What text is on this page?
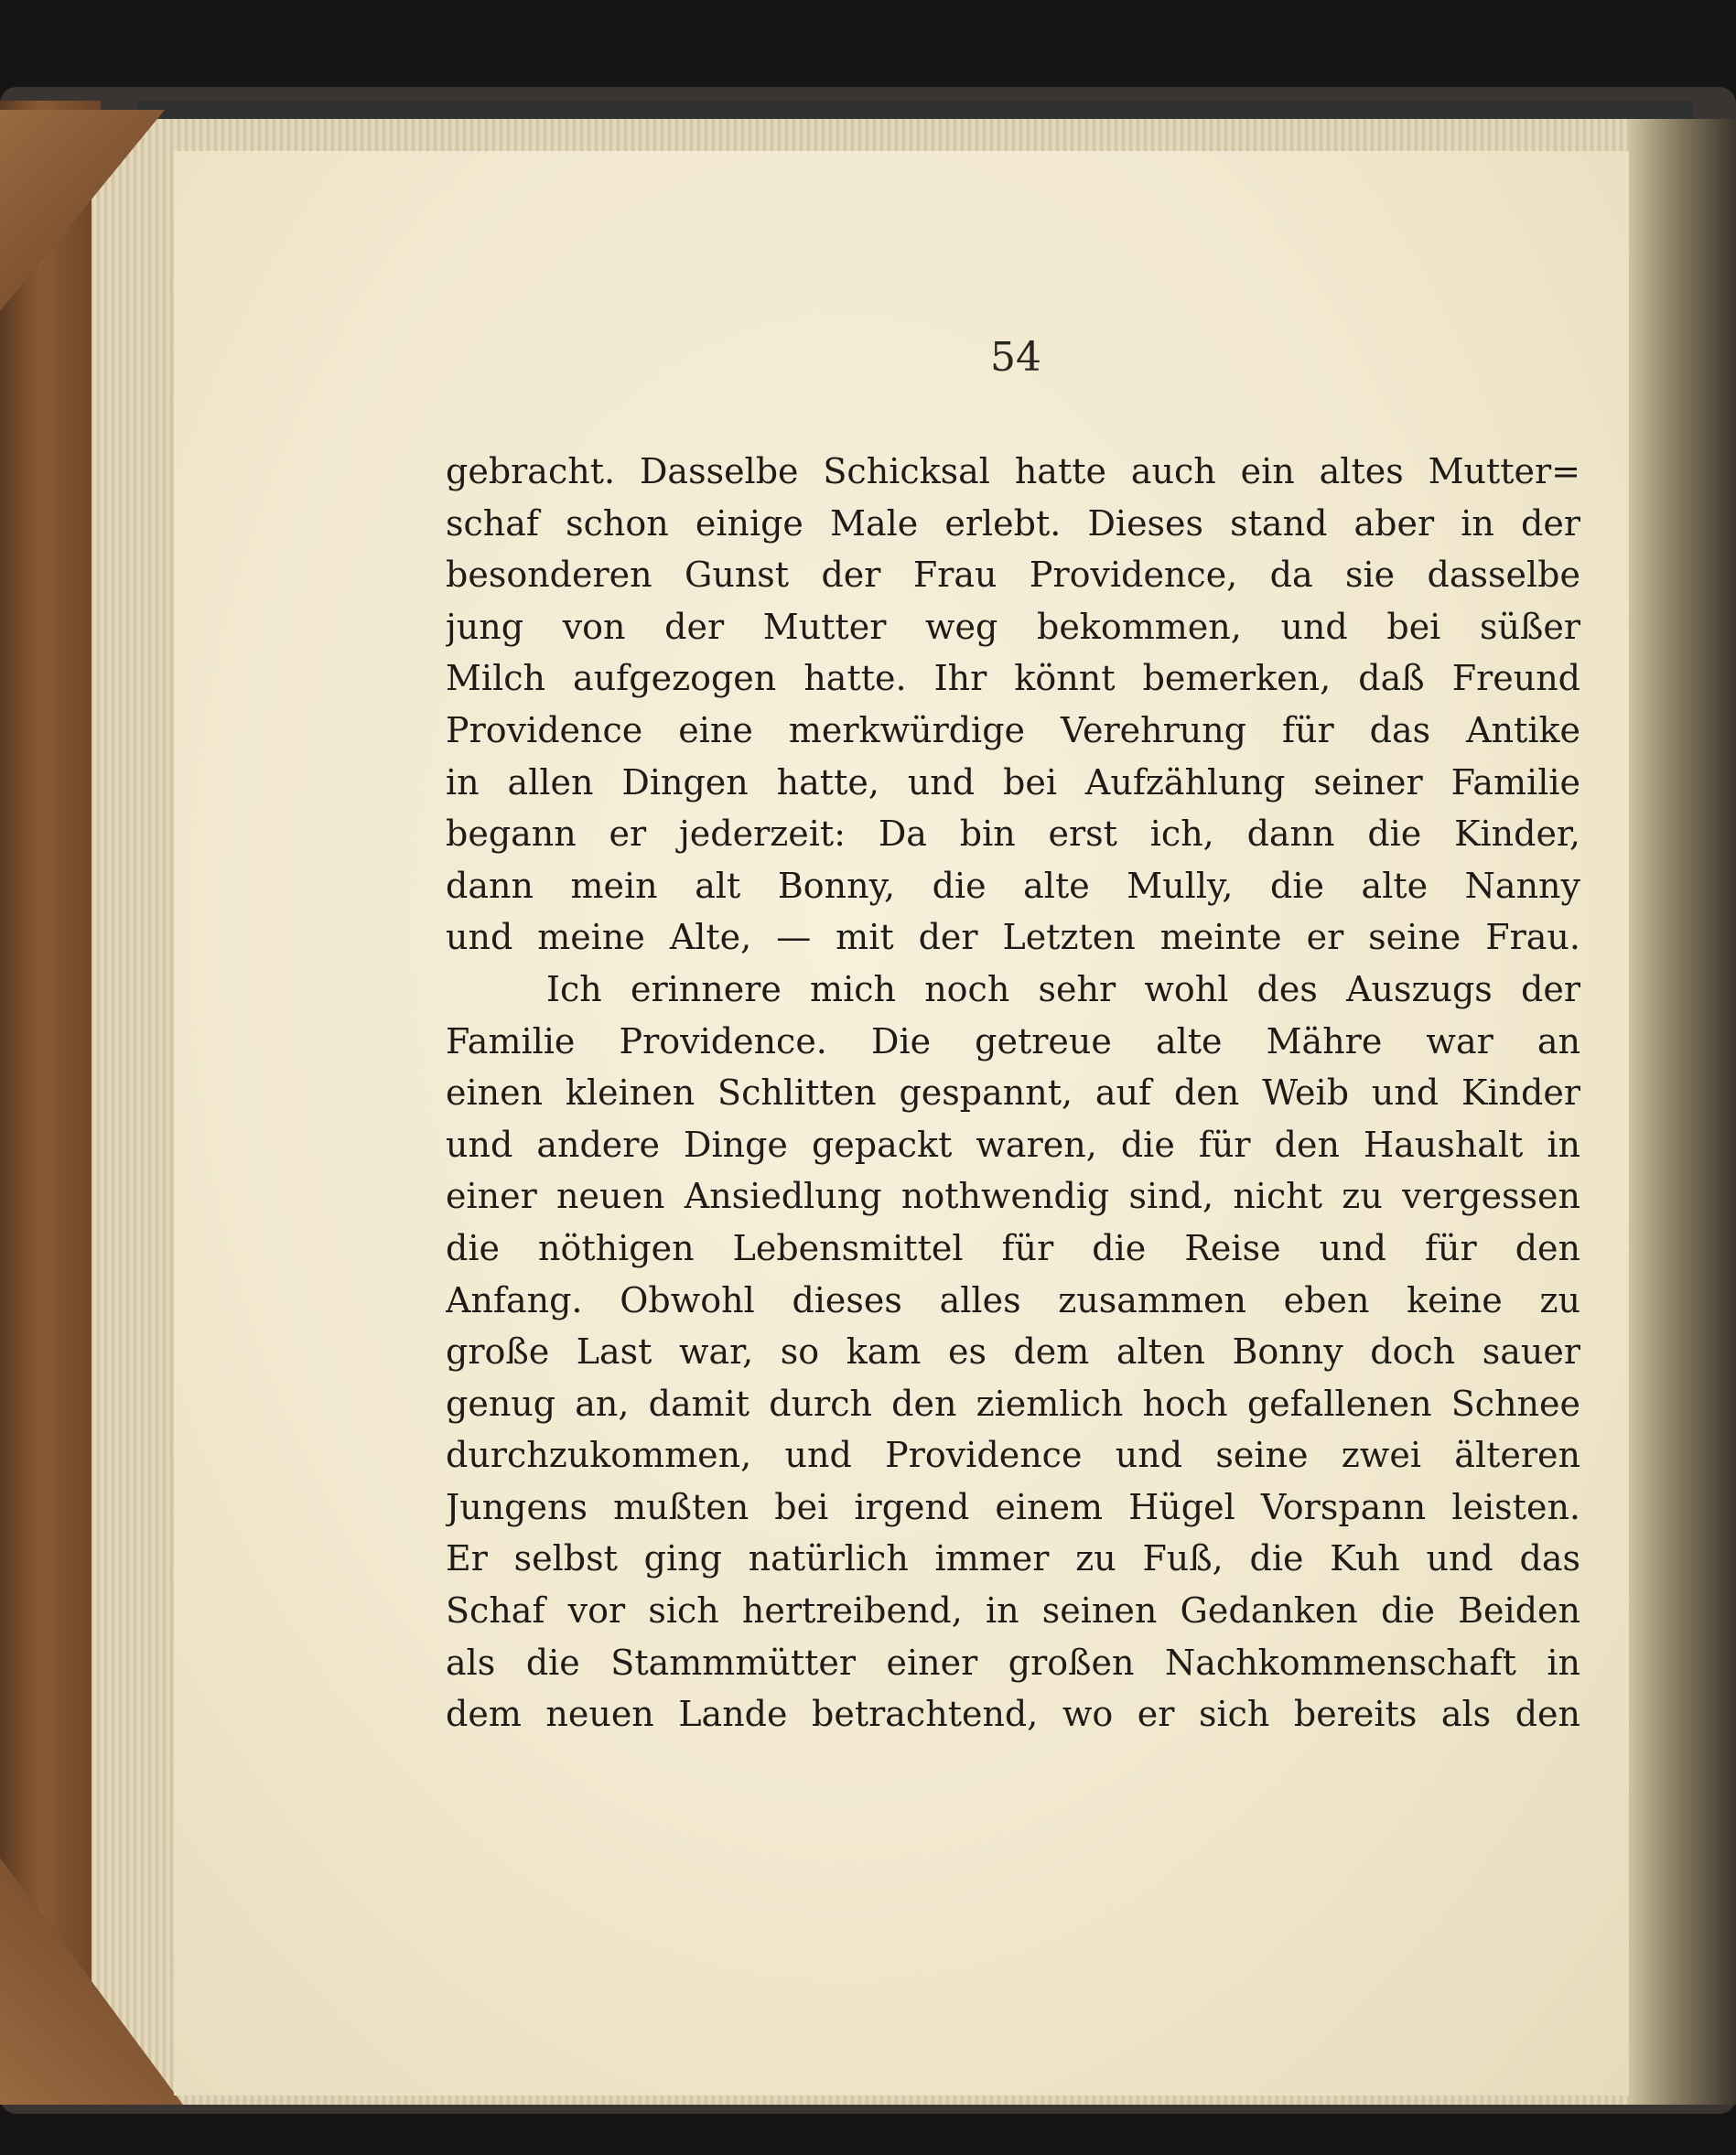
54
gebracht. Dasselbe Schicksal hatte auch ein altes Mutter=
schaf schon einige Male erlebt. Dieses stand aber in der
besonderen Gunst der Frau Providence, da sie dasselbe
jung von der Mutter weg bekommen, und bei süßer
Milch aufgezogen hatte. Ihr könnt bemerken, daß Freund
Providence eine merkwürdige Verehrung für das Antike
in allen Dingen hatte, und bei Aufzählung seiner Familie
begann er jederzeit: Da bin erst ich, dann die Kinder,
dann mein alt Bonny, die alte Mully, die alte Nanny
und meine Alte, — mit der Letzten meinte er seine Frau.
Ich erinnere mich noch sehr wohl des Auszugs der
Familie Providence. Die getreue alte Mähre war an
einen kleinen Schlitten gespannt, auf den Weib und Kinder
und andere Dinge gepackt waren, die für den Haushalt in
einer neuen Ansiedlung nothwendig sind, nicht zu vergessen
die nöthigen Lebensmittel für die Reise und für den
Anfang. Obwohl dieses alles zusammen eben keine zu
große Last war, so kam es dem alten Bonny doch sauer
genug an, damit durch den ziemlich hoch gefallenen Schnee
durchzukommen, und Providence und seine zwei älteren
Jungens mußten bei irgend einem Hügel Vorspann leisten.
Er selbst ging natürlich immer zu Fuß, die Kuh und das
Schaf vor sich hertreibend, in seinen Gedanken die Beiden
als die Stammmütter einer großen Nachkommenschaft in
dem neuen Lande betrachtend, wo er sich bereits als den
